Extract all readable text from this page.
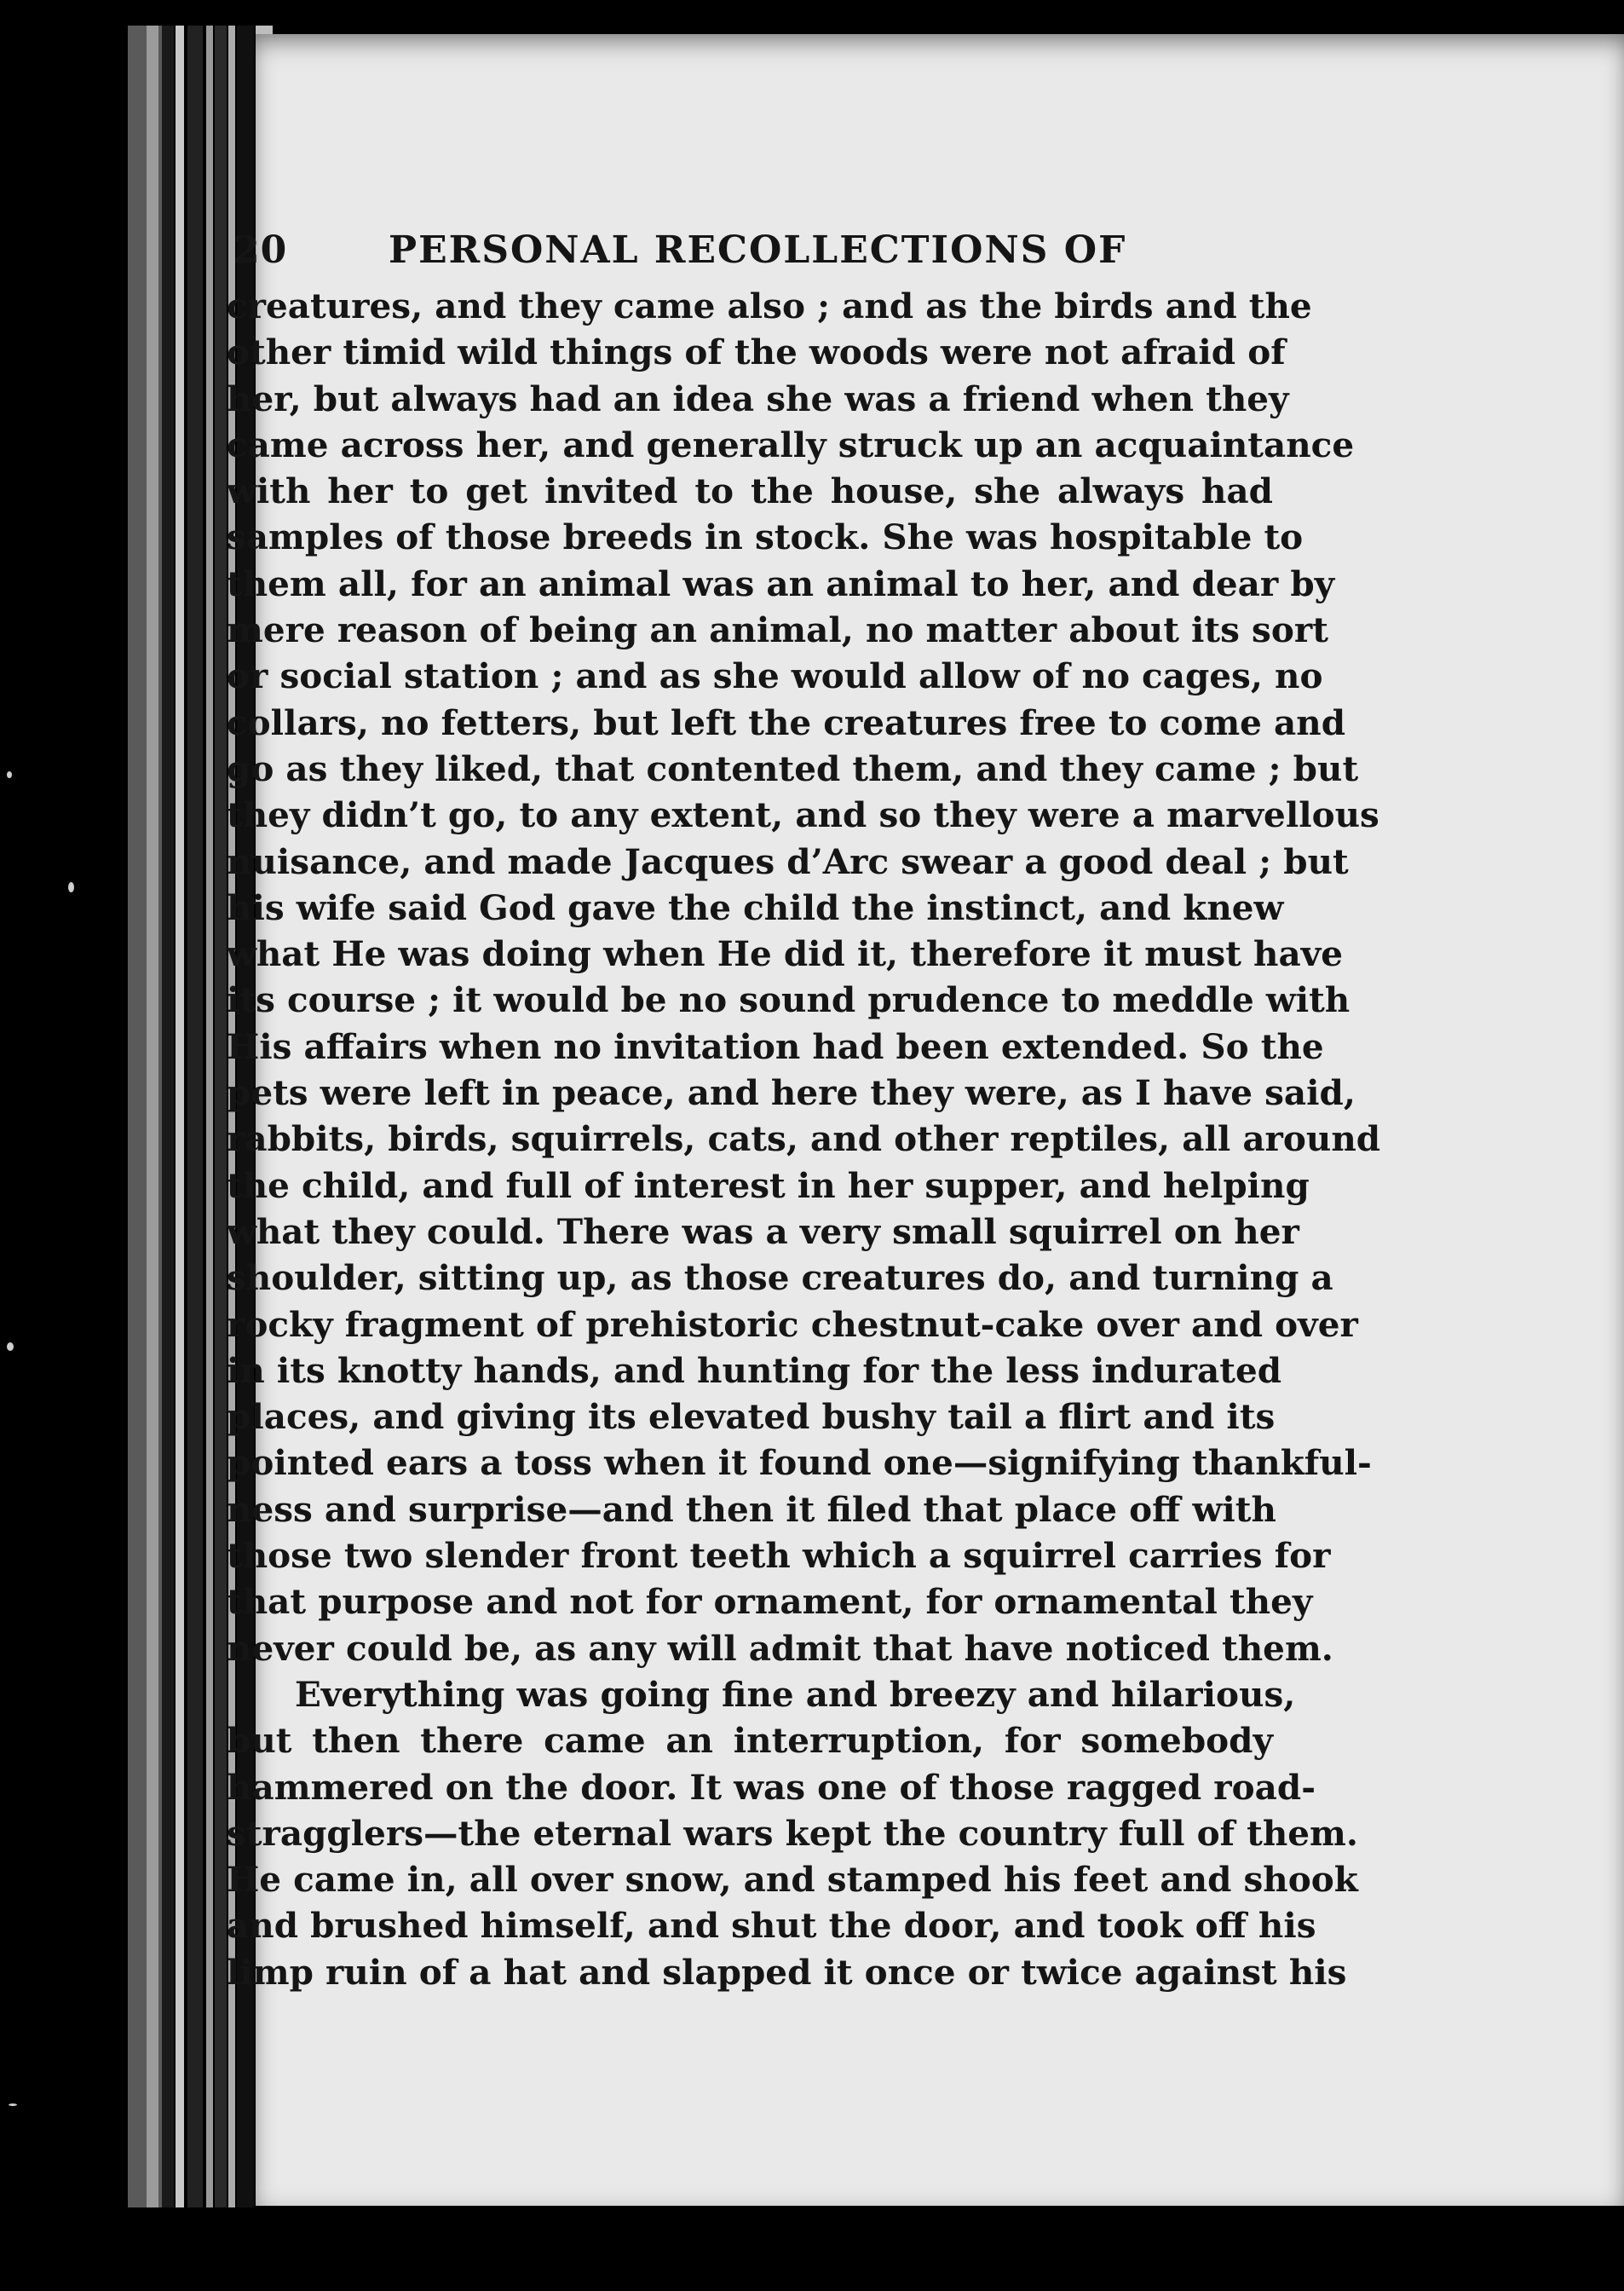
20	PERSONAL RECOLLECTIONS OF
creatures, and they came also ; and as the birds and the
other timid wild things of the woods were not afraid of
her, but always had an idea she was a friend when they
came across her, and generally struck up an acquaintance
with her to get invited to the house, she always had
samples of those breeds in stock. She was hospitable to
them all, for an animal was an animal to her, and dear by
mere reason of being an animal, no matter about its sort
or social station ; and as she would allow of no cages, no
collars, no fetters, but left the creatures free to come and
go as they liked, that contented them, and they came ; but
they didn’t go, to any extent, and so they were a marvellous
nuisance, and made Jacques d’Arc swear a good deal ; but
his wife said God gave the child the instinct, and knew
what He was doing when He did it, therefore it must have
its course ; it would be no sound prudence to meddle with
His affairs when no invitation had been extended. So the
pets were left in peace, and here they were, as I have said,
rabbits, birds, squirrels, cats, and other reptiles, all around
the child, and full of interest in her supper, and helping
what they could. There was a very small squirrel on her
shoulder, sitting up, as those creatures do, and turning a
rocky fragment of prehistoric chestnut-cake over and over
in its knotty hands, and hunting for the less indurated
places, and giving its elevated bushy tail a flirt and its
pointed ears a toss when it found one—signifying thankful-
ness and surprise—and then it filed that place off with
those two slender front teeth which a squirrel carries for
that purpose and not for ornament, for ornamental they
never could be, as any will admit that have noticed them.
Everything was going fine and breezy and hilarious,
but then there came an interruption, for somebody
hammered on the door. It was one of those ragged road-
stragglers—the eternal wars kept the country full of them.
He came in, all over snow, and stamped his feet and shook
and brushed himself, and shut the door, and took off his
limp ruin of a hat and slapped it once or twice against his
